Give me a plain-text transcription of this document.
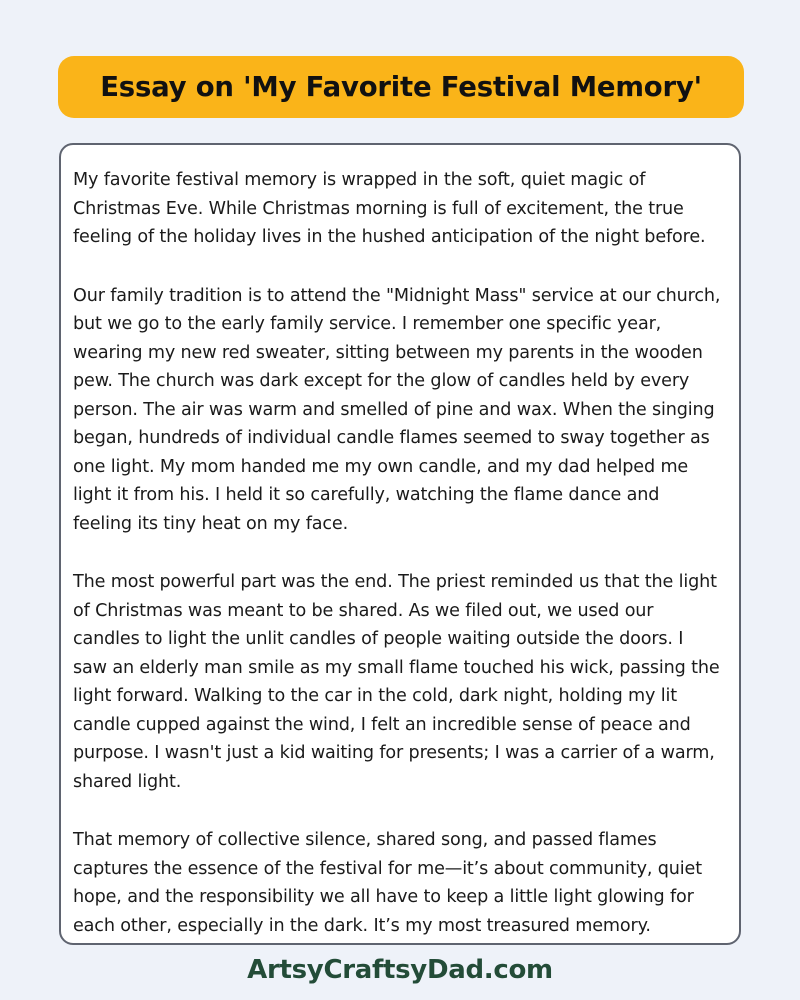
Essay on 'My Favorite Festival Memory'

My favorite festival memory is wrapped in the soft, quiet magic of Christmas Eve. While Christmas morning is full of excitement, the true feeling of the holiday lives in the hushed anticipation of the night before.

Our family tradition is to attend the "Midnight Mass" service at our church, but we go to the early family service. I remember one specific year, wearing my new red sweater, sitting between my parents in the wooden pew. The church was dark except for the glow of candles held by every person. The air was warm and smelled of pine and wax. When the singing began, hundreds of individual candle flames seemed to sway together as one light. My mom handed me my own candle, and my dad helped me light it from his. I held it so carefully, watching the flame dance and feeling its tiny heat on my face.

The most powerful part was the end. The priest reminded us that the light of Christmas was meant to be shared. As we filed out, we used our candles to light the unlit candles of people waiting outside the doors. I saw an elderly man smile as my small flame touched his wick, passing the light forward. Walking to the car in the cold, dark night, holding my lit candle cupped against the wind, I felt an incredible sense of peace and purpose. I wasn't just a kid waiting for presents; I was a carrier of a warm, shared light.

That memory of collective silence, shared song, and passed flames captures the essence of the festival for me—it’s about community, quiet hope, and the responsibility we all have to keep a little light glowing for each other, especially in the dark. It’s my most treasured memory.

ArtsyCraftsyDad.com
